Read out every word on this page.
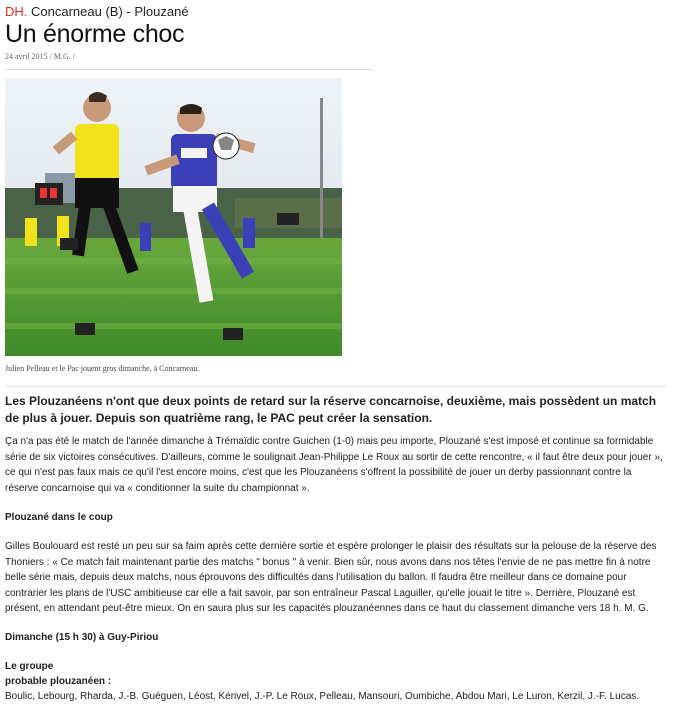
DH. Concarneau (B) - Plouzané
Un énorme choc
24 avril 2015 / M.G. /
Julien Pelleau et le Pac jouent gros dimanche, à Concarneau.
Les Plouzanéens n'ont que deux points de retard sur la réserve concarnoise, deuxième, mais possèdent un match de plus à jouer. Depuis son quatrième rang, le PAC peut créer la sensation.
Ça n'a pas été le match de l'année dimanche à Trémaïdic contre Guichen (1-0) mais peu importe, Plouzané s'est imposé et continue sa formidable série de six victoires consécutives. D'ailleurs, comme le soulignait Jean-Philippe Le Roux au sortir de cette rencontre, « il faut être deux pour jouer », ce qui n'est pas faux mais ce qu'il l'est encore moins, c'est que les Plouzanéens s'offrent la possibilité de jouer un derby passionnant contre la réserve concarnoise qui va « conditionner la suite du championnat ».
Plouzané dans le coup
Gilles Boulouard est resté un peu sur sa faim après cette dernière sortie et espère prolonger le plaisir des résultats sur la pelouse de la réserve des Thoniers : « Ce match fait maintenant partie des matchs " bonus " à venir. Bien sûr, nous avons dans nos têtes l'envie de ne pas mettre fin à notre belle série mais, depuis deux matchs, nous éprouvons des difficultés dans l'utilisation du ballon. Il faudra être meilleur dans ce domaine pour contrarier les plans de l'USC ambitieuse car elle a fait savoir, par son entraîneur Pascal Laguiller, qu'elle jouait le titre ». Derrière, Plouzané est présent, en attendant peut-être mieux. On en saura plus sur les capacités plouzanéennes dans ce haut du classement dimanche vers 18 h. M. G.
Dimanche (15 h 30) à Guy-Piriou
Le groupe
probable plouzanéen :
Boulic, Lebourg, Rharda, J.-B. Guéguen, Léost, Kérivel, J.-P. Le Roux, Pelleau, Mansouri, Oumbiche, Abdou Mari, Le Luron, Kerzil, J.-F. Lucas.
